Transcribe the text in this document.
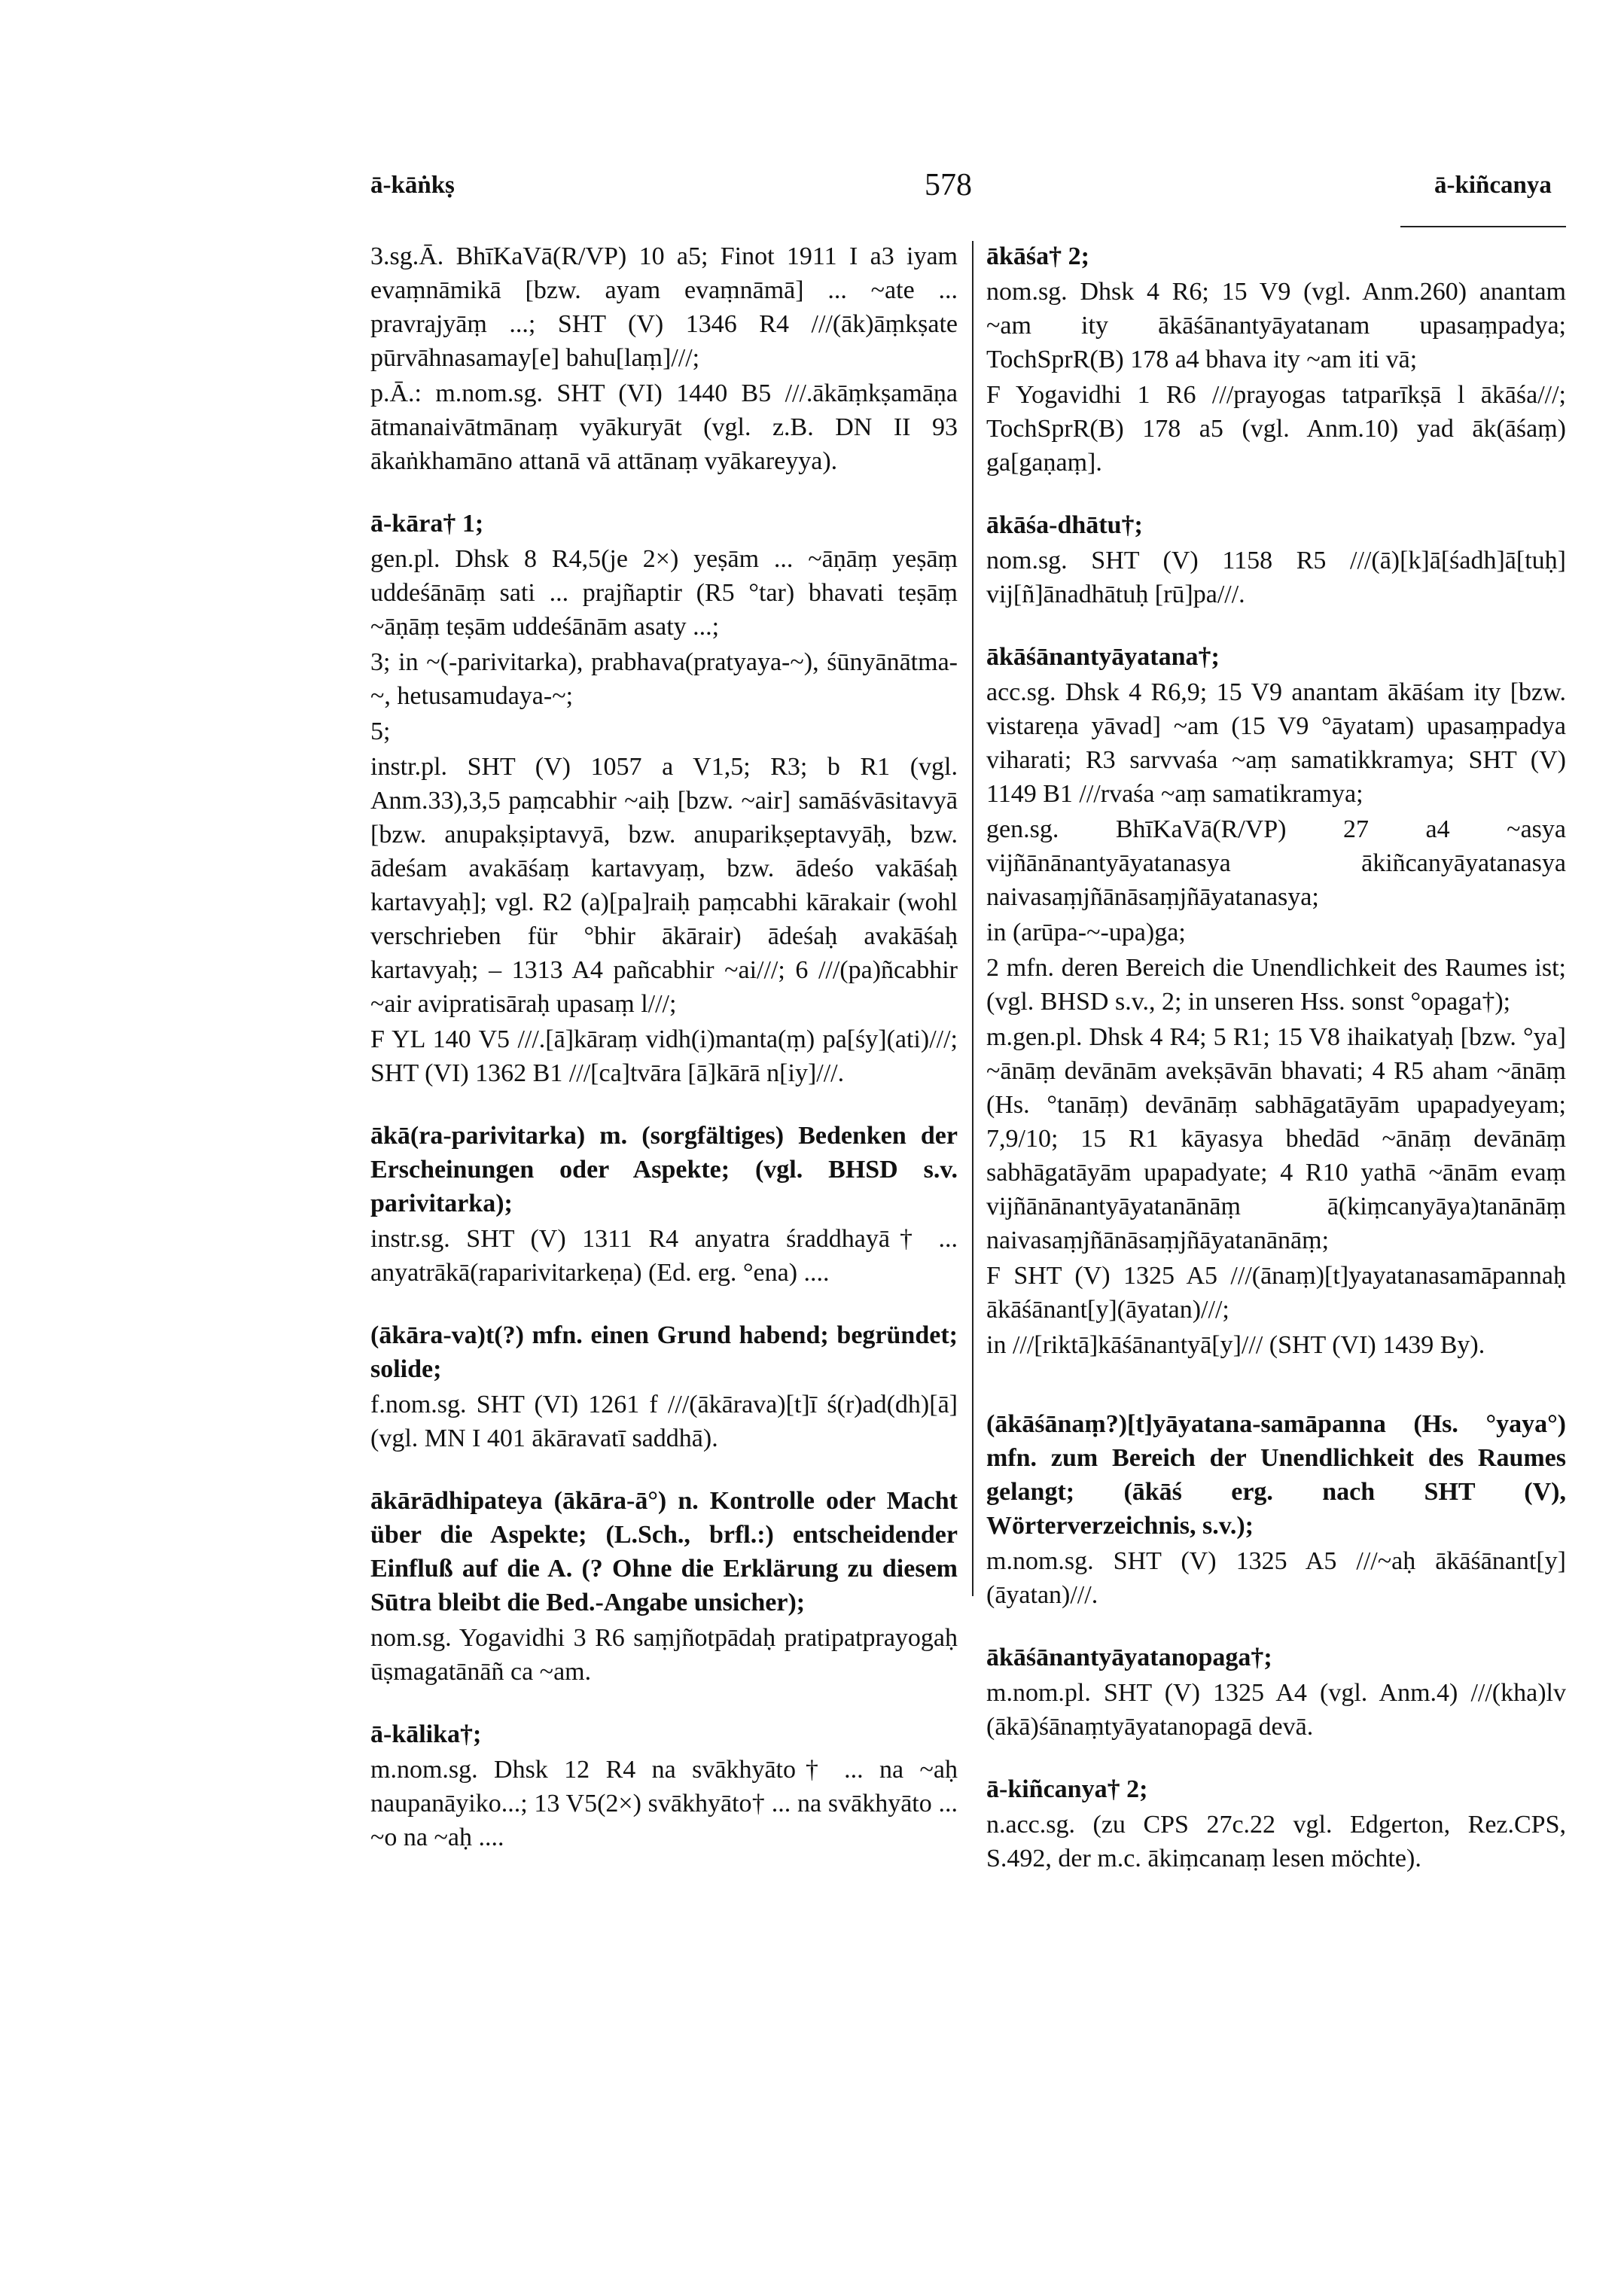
ā-kāṅkṣ	578	ā-kiñcanya

3.sg.Ā. BhīKaVā(R/VP) 10 a5; Finot 1911 I a3 iyam evaṃnāmikā [bzw. ayam evaṃnāmā] ... ~ate ... pravrajyāṃ ...; SHT (V) 1346 R4 ///(āk)āṃkṣate pūrvāhnasamay[e] bahu[laṃ]///;

p.Ā.: m.nom.sg. SHT (VI) 1440 B5 ///.ākāṃkṣamāṇa ātmanaivātmānaṃ vyākuryāt (vgl. z.B. DN II 93 ākaṅkhamāno attanā vā attānaṃ vyākareyya).

ā-kāra† 1;

gen.pl. Dhsk 8 R4,5(je 2×) yeṣām ... ~āṇāṃ yeṣāṃ uddeśānāṃ sati ... prajñaptir (R5 °tar) bhavati teṣāṃ ~āṇāṃ teṣām uddeśānām asaty ...;

3; in ~(-parivitarka), prabhava(pratyaya-~), śūnyānātma-~, hetusamudaya-~;

5;

instr.pl. SHT (V) 1057 a V1,5; R3; b R1 (vgl. Anm.33),3,5 paṃcabhir ~aiḥ [bzw. ~air] samāśvāsitavyā [bzw. anupakṣiptavyā, bzw. anuparikṣeptavyāḥ, bzw. ādeśam avakāśaṃ kartavyaṃ, bzw. ādeśo vakāśaḥ kartavyaḥ]; vgl. R2 (a)[pa]raiḥ paṃcabhi kārakair (wohl verschrieben für °bhir ākārair) ādeśaḥ avakāśaḥ kartavyaḥ; – 1313 A4 pañcabhir ~ai///; 6 ///(pa)ñcabhir ~air avipratisāraḥ upasaṃ l///;

F YL 140 V5 ///.[ā]kāraṃ vidh(i)manta(ṃ) pa[śy](ati)///; SHT (VI) 1362 B1 ///[ca]tvāra [ā]kārā n[iy]///.

ākā(ra-parivitarka) m. (sorgfältiges) Bedenken der Erscheinungen oder Aspekte; (vgl. BHSD s.v. parivitarka);

instr.sg. SHT (V) 1311 R4 anyatra śraddhayā† ... anyatrākā(raparivitarkeṇa) (Ed. erg. °ena) ....

(ākāra-va)t(?) mfn. einen Grund habend; begründet; solide;

f.nom.sg. SHT (VI) 1261 f ///(ākārava)[t]ī ś(r)ad(dh)[ā] (vgl. MN I 401 ākāravatī saddhā).

ākārādhipateya (ākāra-ā°) n. Kontrolle oder Macht über die Aspekte; (L.Sch., brfl.:) entscheidender Einfluß auf die A. (? Ohne die Erklärung zu diesem Sūtra bleibt die Bed.-Angabe unsicher);

nom.sg. Yogavidhi 3 R6 saṃjñotpādaḥ pratipatprayogaḥ ūṣmagatānāñ ca ~am.

ā-kālika†;

m.nom.sg. Dhsk 12 R4 na svākhyāto† ... na ~aḥ naupanāyiko...; 13 V5(2×) svākhyāto† ... na svākhyāto ... ~o na ~aḥ ....

ākāśa† 2;

nom.sg. Dhsk 4 R6; 15 V9 (vgl. Anm.260) anantam ~am ity ākāśānantyāyatanam upasaṃpadya; TochSprR(B) 178 a4 bhava ity ~am iti vā;

F Yogavidhi 1 R6 ///prayogas tatparīkṣā l ākāśa///; TochSprR(B) 178 a5 (vgl. Anm.10) yad āk(āśaṃ) ga[gaṇaṃ].

ākāśa-dhātu†;

nom.sg. SHT (V) 1158 R5 ///(ā)[k]ā[śadh]ā[tuḥ] vij[ñ]ānadhātuḥ [rū]pa///.

ākāśānantyāyatana†;

acc.sg. Dhsk 4 R6,9; 15 V9 anantam ākāśam ity [bzw. vistareṇa yāvad] ~am (15 V9 °āyatam) upasaṃpadya viharati; R3 sarvvaśa ~aṃ samatikkramya; SHT (V) 1149 B1 ///rvaśa ~aṃ samatikramya;

gen.sg. BhīKaVā(R/VP) 27 a4 ~asya vijñānānantyāyatanasya ākiñcanyāyatanasya naivasaṃjñānāsaṃjñāyatanasya;

in (arūpa-~-upa)ga;

2 mfn. deren Bereich die Unendlichkeit des Raumes ist; (vgl. BHSD s.v., 2; in unseren Hss. sonst °opaga†);

m.gen.pl. Dhsk 4 R4; 5 R1; 15 V8 ihaikatyaḥ [bzw. °ya] ~ānāṃ devānām avekṣāvān bhavati; 4 R5 aham ~ānāṃ (Hs. °tanāṃ) devānāṃ sabhāgatāyām upapadyeyam; 7,9/10; 15 R1 kāyasya bhedād ~ānāṃ devānāṃ sabhāgatāyām upapadyate; 4 R10 yathā ~ānām evaṃ vijñānānantyāyatanānāṃ ā(kiṃcanyāya)tanānāṃ naivasaṃjñānāsaṃjñāyatanānāṃ;

F SHT (V) 1325 A5 ///(ānaṃ)[t]yayatanasamāpannaḥ ākāśānant[y](āyatan)///;

in ///[riktā]kāśānantyā[y]/// (SHT (VI) 1439 By).

(ākāśānaṃ?)[t]yāyatana-samāpanna (Hs. °yaya°) mfn. zum Bereich der Unendlichkeit des Raumes gelangt; (ākāś erg. nach SHT (V), Wörterverzeichnis, s.v.);

m.nom.sg. SHT (V) 1325 A5 ///~aḥ ākāśānant[y](āyatan)///.

ākāśānantyāyatanopaga†;

m.nom.pl. SHT (V) 1325 A4 (vgl. Anm.4) ///(kha)lv (ākā)śānaṃtyāyatanopagā devā.

ā-kiñcanya† 2;

n.acc.sg. (zu CPS 27c.22 vgl. Edgerton, Rez.CPS, S.492, der m.c. ākiṃcanaṃ lesen möchte).
